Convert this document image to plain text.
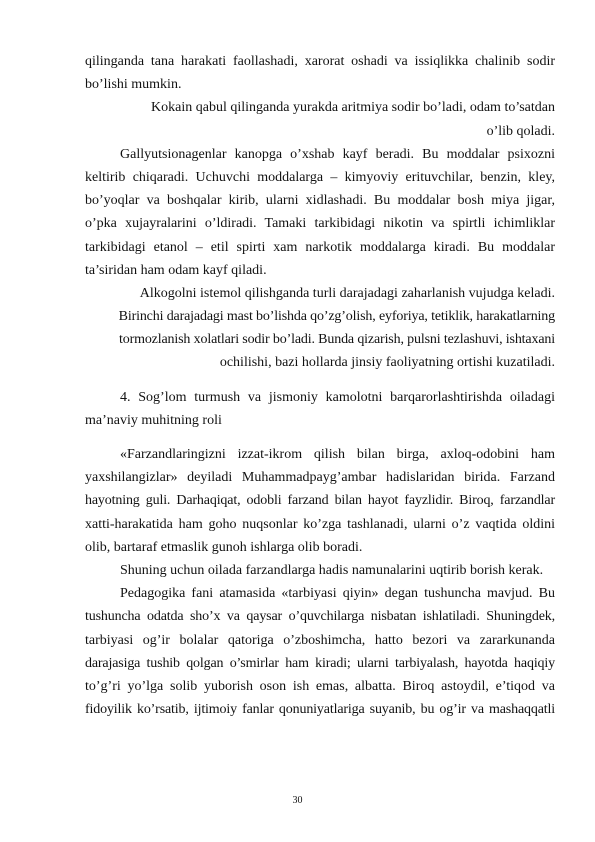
qilinganda tana harakati faollashadi, xarorat oshadi va issiqlikka chalinib sodir
bo’lishi mumkin.
Kokain qabul qilinganda yurakda aritmiya sodir bo’ladi, odam to’satdan
o’lib qoladi.
Gallyutsionagenlar kanopga o’xshab kayf beradi. Bu moddalar psixozni
keltirib chiqaradi. Uchuvchi moddalarga – kimyoviy erituvchilar, benzin, kley,
bo’yoqlar va boshqalar kirib, ularni xidlashadi. Bu moddalar bosh miya jigar,
o’pka xujayralarini o’ldiradi. Tamaki tarkibidagi nikotin va spirtli ichimliklar
tarkibidagi etanol – etil spirti xam narkotik moddalarga kiradi. Bu moddalar
ta’siridan ham odam kayf qiladi.
Alkogolni istemol qilishganda turli darajadagi zaharlanish vujudga keladi.
Birinchi darajadagi mast bo’lishda qo’zg’olish, eyforiya, tetiklik, harakatlarning
tormozlanish xolatlari sodir bo’ladi. Bunda qizarish, pulsni tezlashuvi, ishtaxani
ochilishi, bazi hollarda jinsiy faoliyatning ortishi kuzatiladi.
4. Sog’lom turmush va jismoniy kamolotni barqarorlashtirishda oiladagi
ma’naviy muhitning roli
«Farzandlaringizni izzat-ikrom qilish bilan birga, axloq-odobini ham
yaxshilangizlar» deyiladi Muhammadpayg’ambar hadislaridan birida. Farzand
hayotning guli. Darhaqiqat, odobli farzand bilan hayot fayzlidir. Biroq, farzandlar
xatti-harakatida ham goho nuqsonlar ko’zga tashlanadi, ularni o’z vaqtida oldini
olib, bartaraf etmaslik gunoh ishlarga olib boradi.
Shuning uchun oilada farzandlarga hadis namunalarini uqtirib borish kerak.
Pedagogika fani atamasida «tarbiyasi qiyin» degan tushuncha mavjud. Bu
tushuncha odatda sho’x va qaysar o’quvchilarga nisbatan ishlatiladi. Shuningdek,
tarbiyasi og’ir bolalar qatoriga o’zboshimcha, hatto bezori va zararkunanda
darajasiga tushib qolgan o’smirlar ham kiradi; ularni tarbiyalash, hayotda haqiqiy
to’g’ri yo’lga solib yuborish oson ish emas, albatta. Biroq astoydil, e’tiqod va
fidoyilik ko’rsatib, ijtimoiy fanlar qonuniyatlariga suyanib, bu og’ir va mashaqqatli
30
